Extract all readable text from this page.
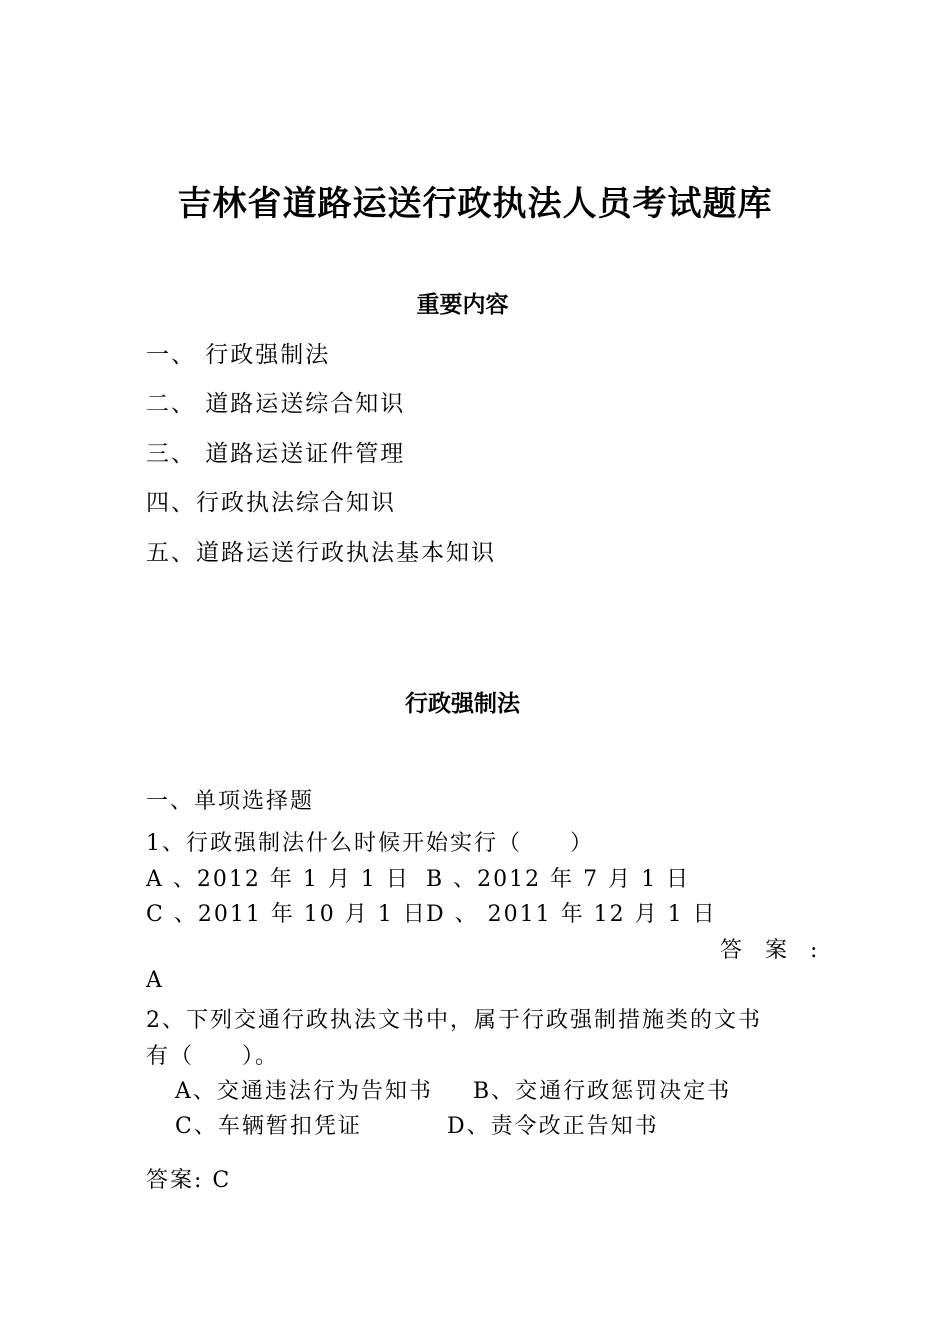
吉林省道路运送行政执法人员考试题库
重要内容
一、 行政强制法
二、 道路运送综合知识
三、 道路运送证件管理
四、行政执法综合知识
五、道路运送行政执法基本知识
行政强制法
一、单项选择题
1、行政强制法什么时候开始实行（　　）
A 、2012 年 1 月 1 日 B 、2012 年 7 月 1 日
C 、2011 年 10 月 1 日 D 、 2011 年 12 月 1 日
答 案 :
A
2、下列交通行政执法文书中，属于行政强制措施类的文书
有（　　）。
A、交通违法行为告知书 B、交通行政惩罚决定书
C、车辆暂扣凭证	D、责令改正告知书
答案: C
